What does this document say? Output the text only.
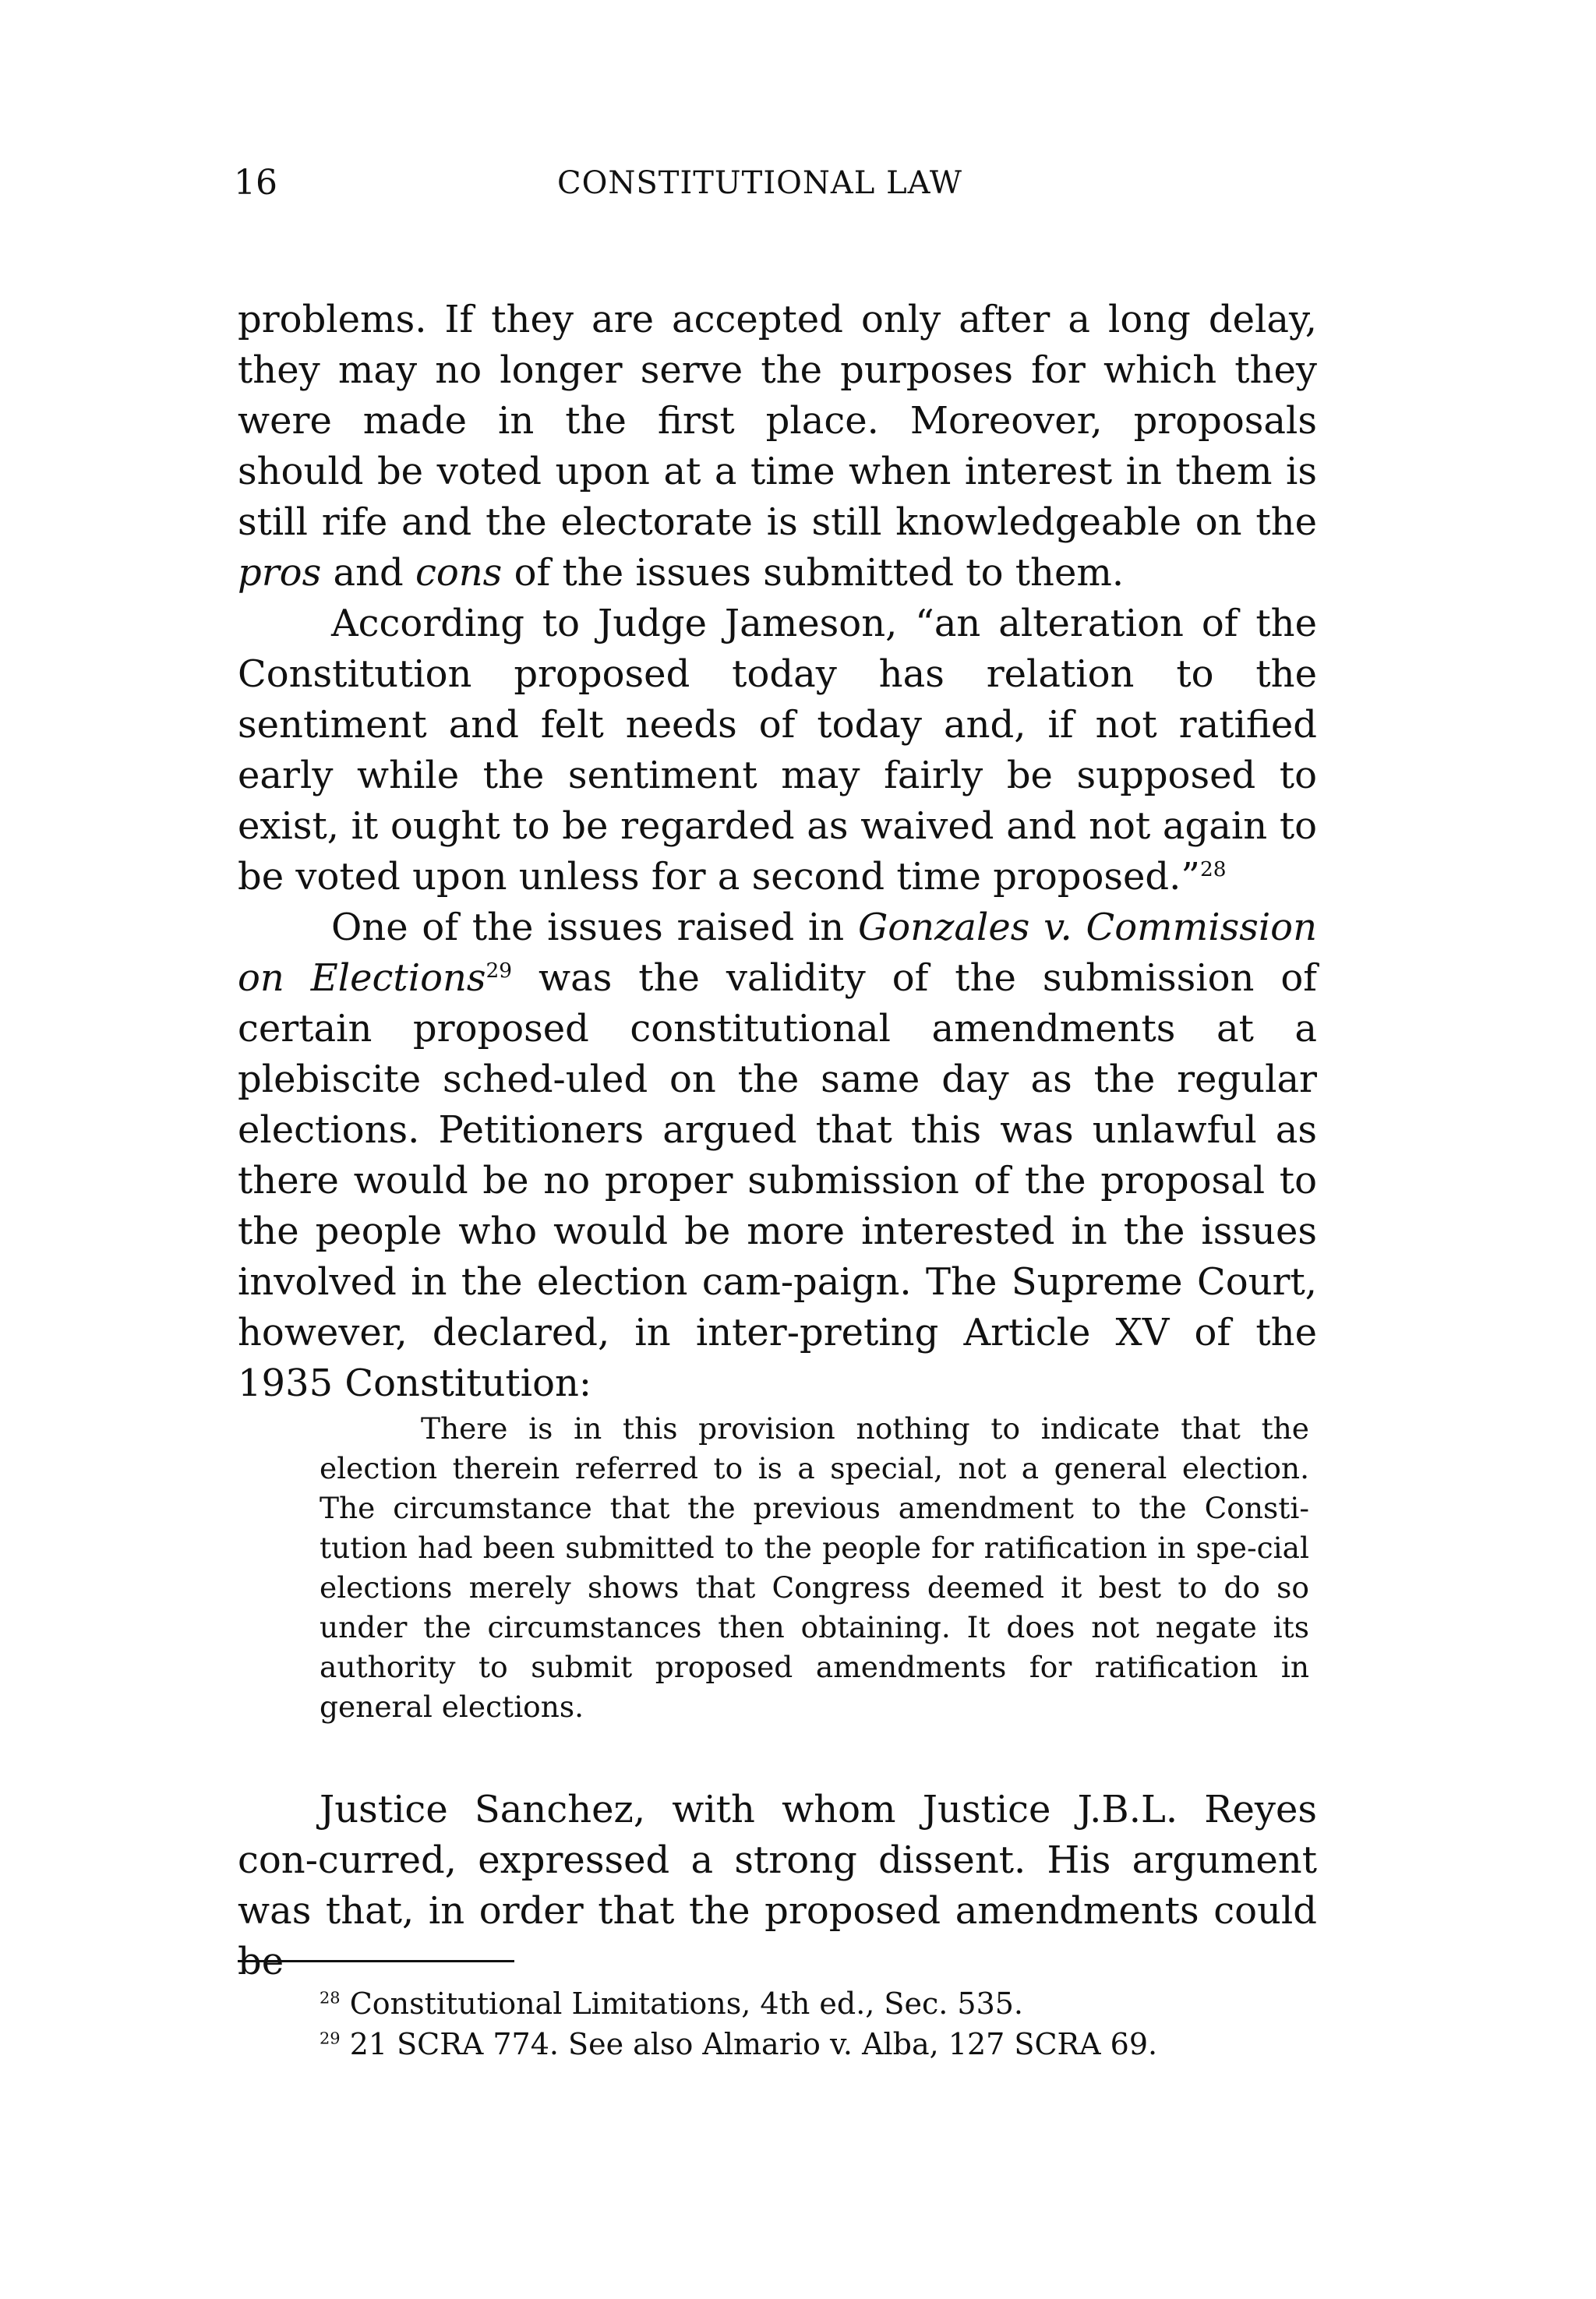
16	CONSTITUTIONAL LAW

problems. If they are accepted only after a long delay, they may no longer serve the purposes for which they were made in the first place. Moreover, proposals should be voted upon at a time when interest in them is still rife and the electorate is still knowledgeable on the pros and cons of the issues submitted to them.

According to Judge Jameson, “an alteration of the Constitution proposed today has relation to the sentiment and felt needs of today and, if not ratified early while the sentiment may fairly be supposed to exist, it ought to be regarded as waived and not again to be voted upon unless for a second time proposed.”$^{28}$

One of the issues raised in Gonzales v. Commission on Elections$^{29}$ was the validity of the submission of certain proposed constitutional amendments at a plebiscite sched-uled on the same day as the regular elections. Petitioners argued that this was unlawful as there would be no proper submission of the proposal to the people who would be more interested in the issues involved in the election cam-paign. The Supreme Court, however, declared, in inter-preting Article XV of the 1935 Constitution:

There is in this provision nothing to indicate that the election therein referred to is a special, not a general election. The circumstance that the previous amendment to the Consti-tution had been submitted to the people for ratification in spe-cial elections merely shows that Congress deemed it best to do so under the circumstances then obtaining. It does not negate its authority to submit proposed amendments for ratification in general elections.

Justice Sanchez, with whom Justice J.B.L. Reyes con-curred, expressed a strong dissent. His argument was that, in order that the proposed amendments could be

$^{28}$ Constitutional Limitations, 4th ed., Sec. 535.

$^{29}$ 21 SCRA 774. See also Almario v. Alba, 127 SCRA 69.
